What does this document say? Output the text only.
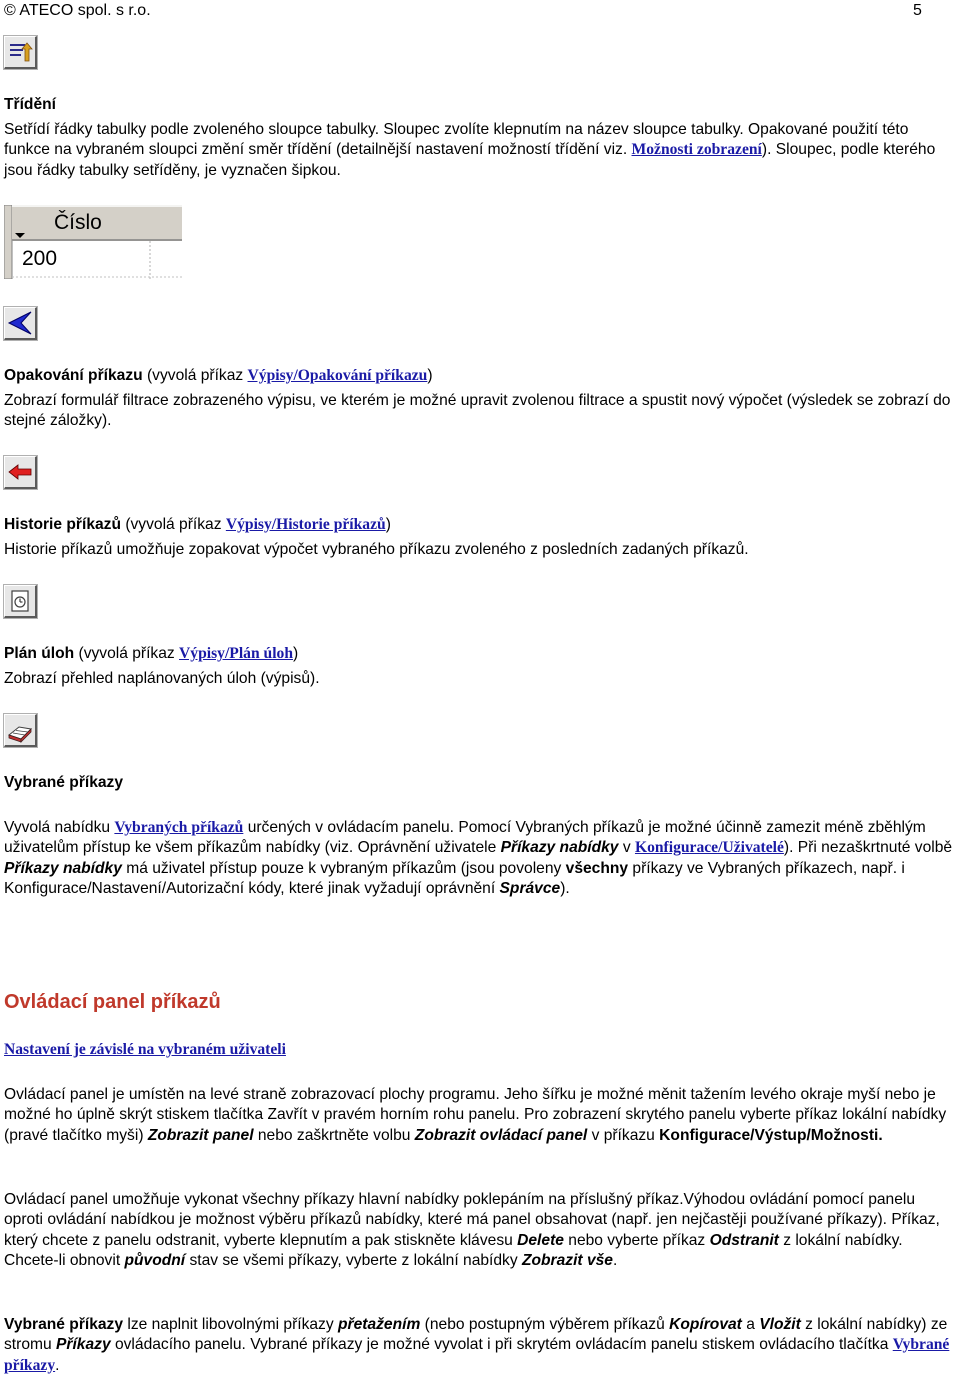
© ATECO spol. s r.o.	5
Třídění

Setřídí řádky tabulky podle zvoleného sloupce tabulky. Sloupec zvolíte klepnutím na název sloupce tabulky. Opakované použití této funkce na vybraném sloupci změní směr třídění (detailnější nastavení možností třídění viz. Možnosti zobrazení). Sloupec, podle kterého jsou řádky tabulky setříděny, je vyznačen šipkou.

Číslo
200

Opakování příkazu (vyvolá příkaz Výpisy/Opakování příkazu)

Zobrazí formulář filtrace zobrazeného výpisu, ve kterém je možné upravit zvolenou filtrace a spustit nový výpočet (výsledek se zobrazí do stejné záložky).

Historie příkazů (vyvolá příkaz Výpisy/Historie příkazů)

Historie příkazů umožňuje zopakovat výpočet vybraného příkazu zvoleného z posledních zadaných příkazů.

Plán úloh (vyvolá příkaz Výpisy/Plán úloh)

Zobrazí přehled naplánovaných úloh (výpisů).

Vybrané příkazy

Vyvolá nabídku Vybraných příkazů určených v ovládacím panelu. Pomocí Vybraných příkazů je možné účinně zamezit méně zběhlým uživatelům přístup ke všem příkazům nabídky (viz. Oprávnění uživatele Příkazy nabídky v Konfigurace/Uživatelé). Při nezaškrtnuté volbě Příkazy nabídky má uživatel přístup pouze k vybraným příkazům (jsou povoleny všechny příkazy ve Vybraných příkazech, např. i Konfigurace/Nastavení/Autorizační kódy, které jinak vyžadují oprávnění Správce).

Ovládací panel příkazů
Nastavení je závislé na vybraném uživateli

Ovládací panel je umístěn na levé straně zobrazovací plochy programu. Jeho šířku je možné měnit tažením levého okraje myší nebo je možné ho úplně skrýt stiskem tlačítka Zavřít v pravém horním rohu panelu. Pro zobrazení skrytého panelu vyberte příkaz lokální nabídky (pravé tlačítko myši) Zobrazit panel nebo zaškrtněte volbu Zobrazit ovládací panel v příkazu Konfigurace/Výstup/Možnosti.

Ovládací panel umožňuje vykonat všechny příkazy hlavní nabídky poklepáním na příslušný příkaz.Výhodou ovládání pomocí panelu oproti ovládání nabídkou je možnost výběru příkazů nabídky, které má panel obsahovat (např. jen nejčastěji používané příkazy). Příkaz, který chcete z panelu odstranit, vyberte klepnutím a pak stiskněte klávesu Delete nebo vyberte příkaz Odstranit z lokální nabídky. Chcete-li obnovit původní stav se všemi příkazy, vyberte z lokální nabídky Zobrazit vše.

Vybrané příkazy lze naplnit libovolnými příkazy přetažením (nebo postupným výběrem příkazů Kopírovat a Vložit z lokální nabídky) ze stromu Příkazy ovládacího panelu. Vybrané příkazy je možné vyvolat i při skrytém ovládacím panelu stiskem ovládacího tlačítka Vybrané příkazy.
